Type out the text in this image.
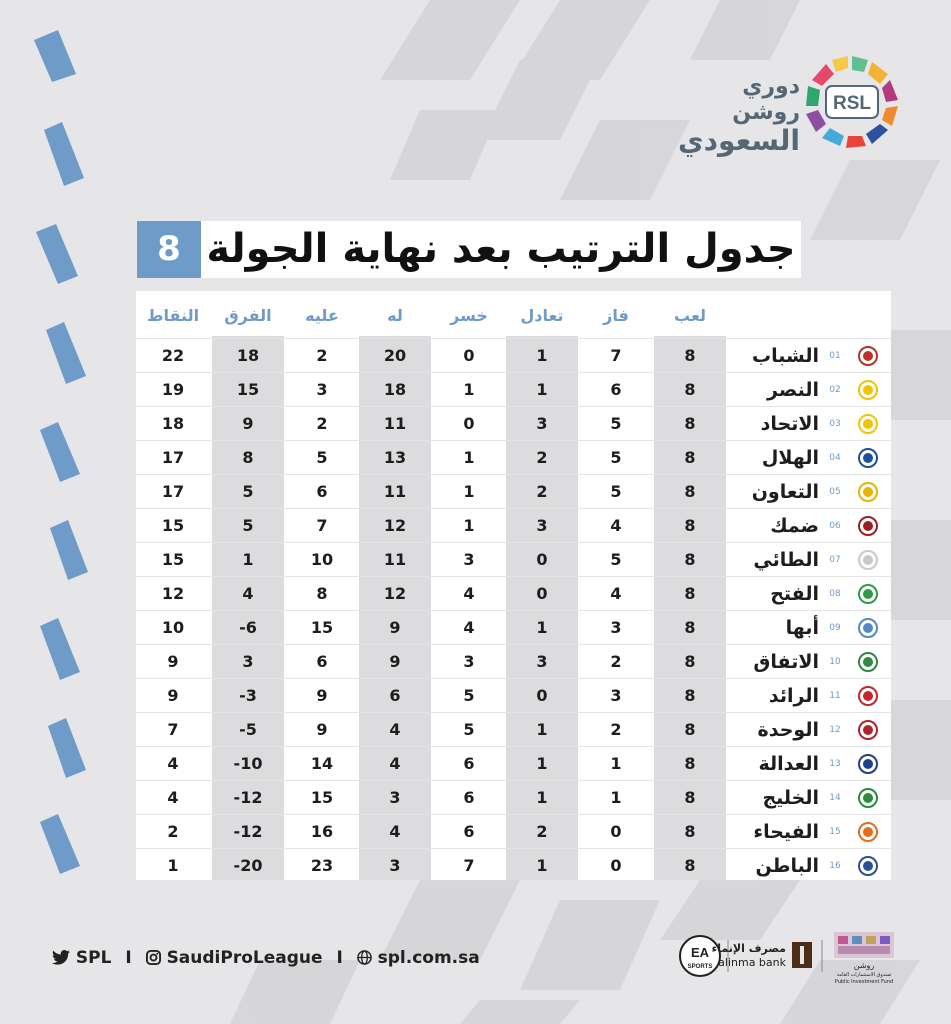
دوري روشن
السعودي
RSL
8 جدول الترتيب بعد نهاية الجولة
النقاط	الفرق	عليه	له	خسر	تعادل	فاز	لعب
22	18	2	20	0	1	7	8	الشباب	01
19	15	3	18	1	1	6	8	النصر	02
18	9	2	11	0	3	5	8	الاتحاد	03
17	8	5	13	1	2	5	8	الهلال	04
17	5	6	11	1	2	5	8	التعاون	05
15	5	7	12	1	3	4	8	ضمك	06
15	1	10	11	3	0	5	8	الطائي	07
12	4	8	12	4	0	4	8	الفتح	08
10	-6	15	9	4	1	3	8	أبها	09
9	3	6	9	3	3	2	8	الاتفاق	10
9	-3	9	6	5	0	3	8	الرائد	11
7	-5	9	4	5	1	2	8	الوحدة	12
4	-10	14	4	6	1	1	8	العدالة	13
4	-12	15	3	6	1	1	8	الخليج	14
2	-12	16	4	6	2	0	8	الفيحاء	15
1	-20	23	3	7	1	0	8	الباطن	16
SPL I SaudiProLeague I spl.com.sa	EA
SPORTS
مصرف الإنماء
alinma bank	روشن
صندوق الاستثمارات العامة
Public Investment Fund
